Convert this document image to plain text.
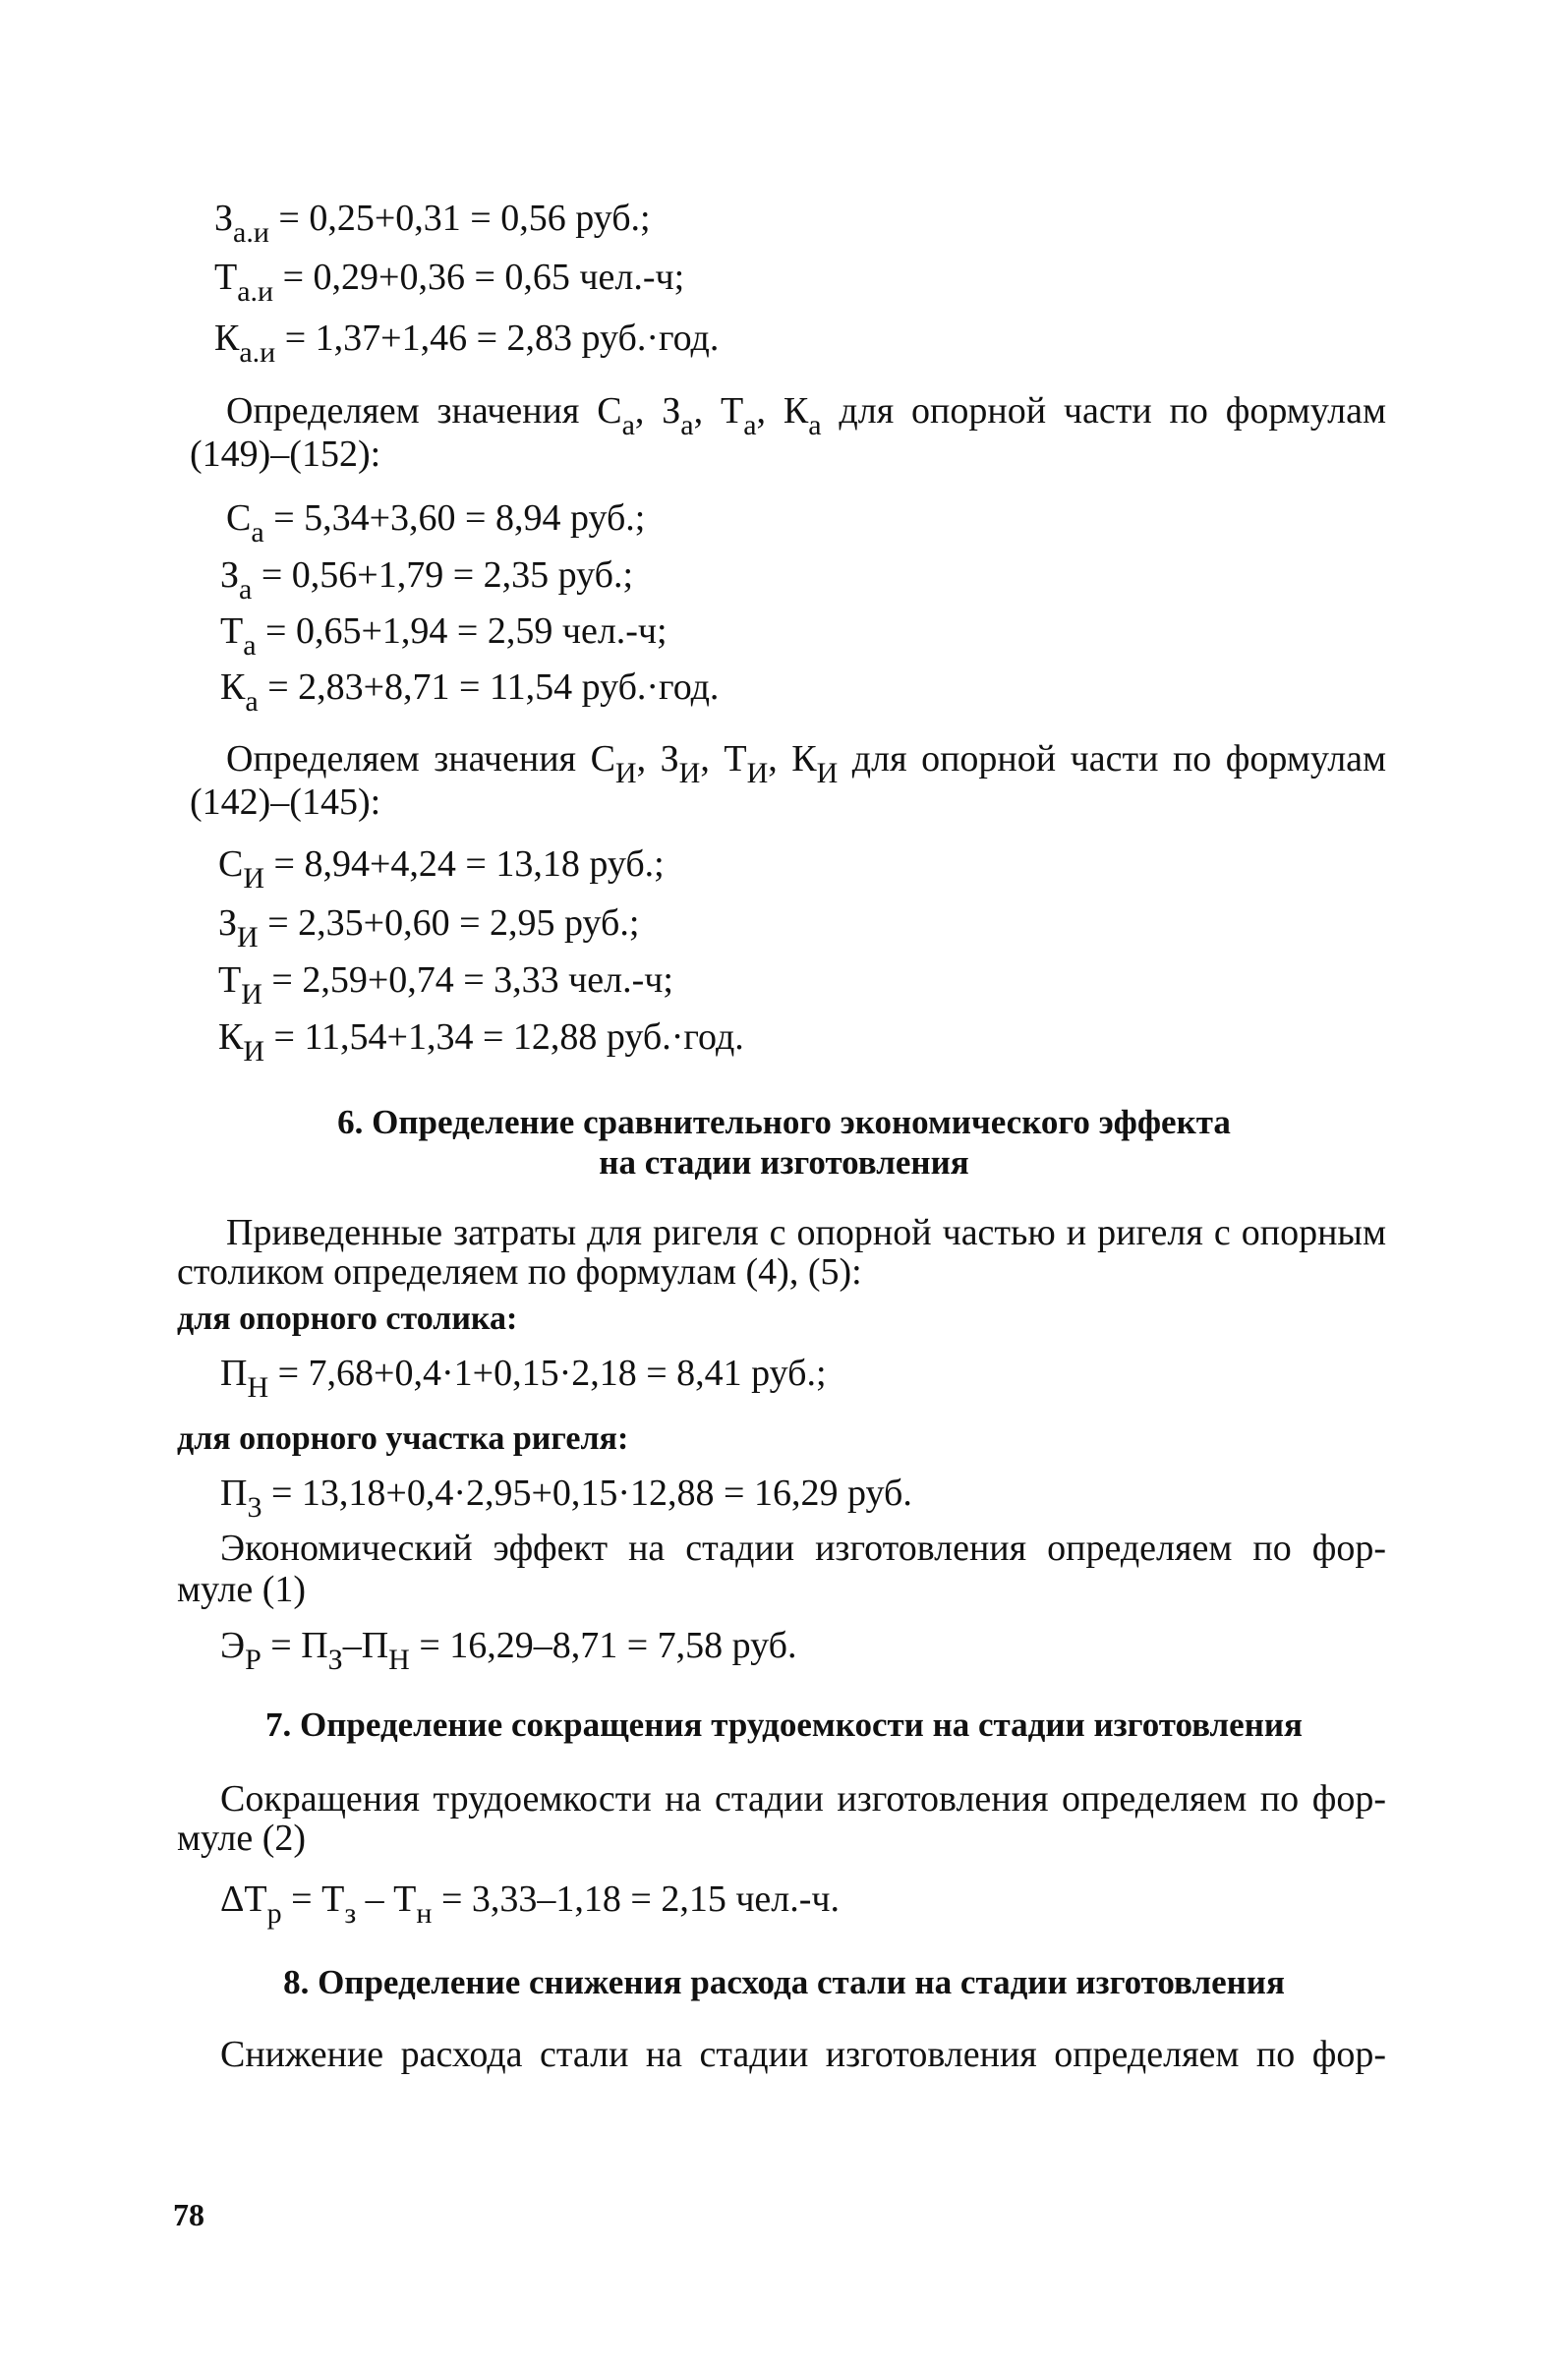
$З_{а.и} = 0,25+0,31 = 0,56$ руб.;
$Т_{а.и} = 0,29+0,36 = 0,65$ чел.-ч;
$К_{а.и} = 1,37+1,46 = 2,83$ руб.·год.
Определяем значения $С_а$, $З_а$, $Т_а$, $К_а$ для опорной части по формулам
(149)–(152):
$С_а = 5,34+3,60 = 8,94$ руб.;
$З_а = 0,56+1,79 = 2,35$ руб.;
$Т_а = 0,65+1,94 = 2,59$ чел.-ч;
$К_а = 2,83+8,71 = 11,54$ руб.·год.
Определяем значения $С_И$, $З_И$, $Т_И$, $К_И$ для опорной части по формулам
(142)–(145):
$С_И = 8,94+4,24 = 13,18$ руб.;
$З_И = 2,35+0,60 = 2,95$ руб.;
$Т_И = 2,59+0,74 = 3,33$ чел.-ч;
$К_И = 11,54+1,34 = 12,88$ руб.·год.
6. Определение сравнительного экономического эффекта
на стадии изготовления
Приведенные затраты для ригеля с опорной частью и ригеля с опорным
столиком определяем по формулам (4), (5):
для опорного столика:
$П_Н = 7,68+0,4\cdot 1+0,15\cdot 2,18 = 8,41$ руб.;
для опорного участка ригеля:
$П_3 = 13,18+0,4\cdot 2,95+0,15\cdot 12,88 = 16,29$ руб.
Экономический эффект на стадии изготовления определяем по фор-
муле (1)
$Э_Р = П_З-П_Н = 16,29-8,71 = 7,58$ руб.
7. Определение сокращения трудоемкости на стадии изготовления
Сокращения трудоемкости на стадии изготовления определяем по фор-
муле (2)
$\Delta Т_р = Т_з - Т_н = 3,33-1,18 = 2,15$ чел.-ч.
8. Определение снижения расхода стали на стадии изготовления
Снижение расхода стали на стадии изготовления определяем по фор-
78
